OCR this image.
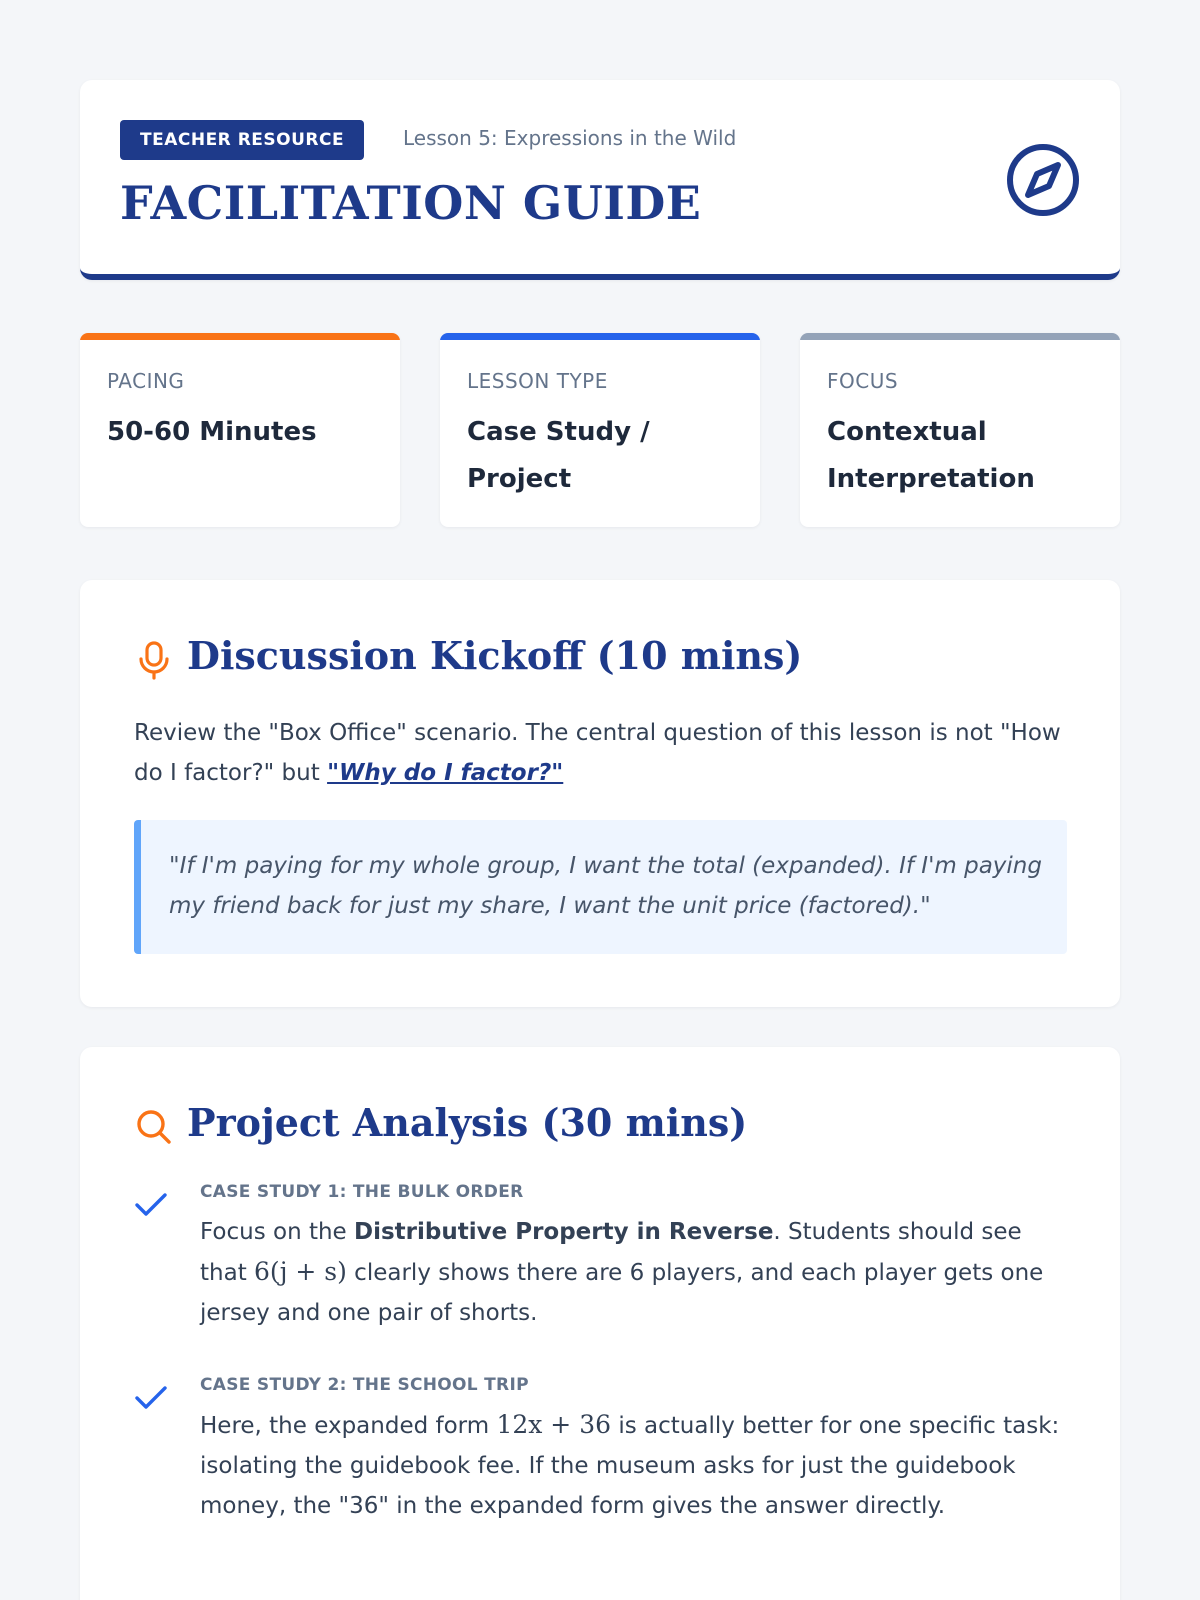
TEACHER RESOURCE	Lesson 5: Expressions in the Wild
FACILITATION GUIDE
PACING
50-60 Minutes
LESSON TYPE
Case Study / Project
FOCUS
Contextual Interpretation
Discussion Kickoff (10 mins)
Review the "Box Office" scenario. The central question of this lesson is not "How do I factor?" but "Why do I factor?"
"If I'm paying for my whole group, I want the total (expanded). If I'm paying my friend back for just my share, I want the unit price (factored)."
Project Analysis (30 mins)
CASE STUDY 1: THE BULK ORDER
Focus on the Distributive Property in Reverse. Students should see that 6(j + s) clearly shows there are 6 players, and each player gets one jersey and one pair of shorts.
CASE STUDY 2: THE SCHOOL TRIP
Here, the expanded form 12x + 36 is actually better for one specific task: isolating the guidebook fee. If the museum asks for just the guidebook money, the "36" in the expanded form gives the answer directly.
